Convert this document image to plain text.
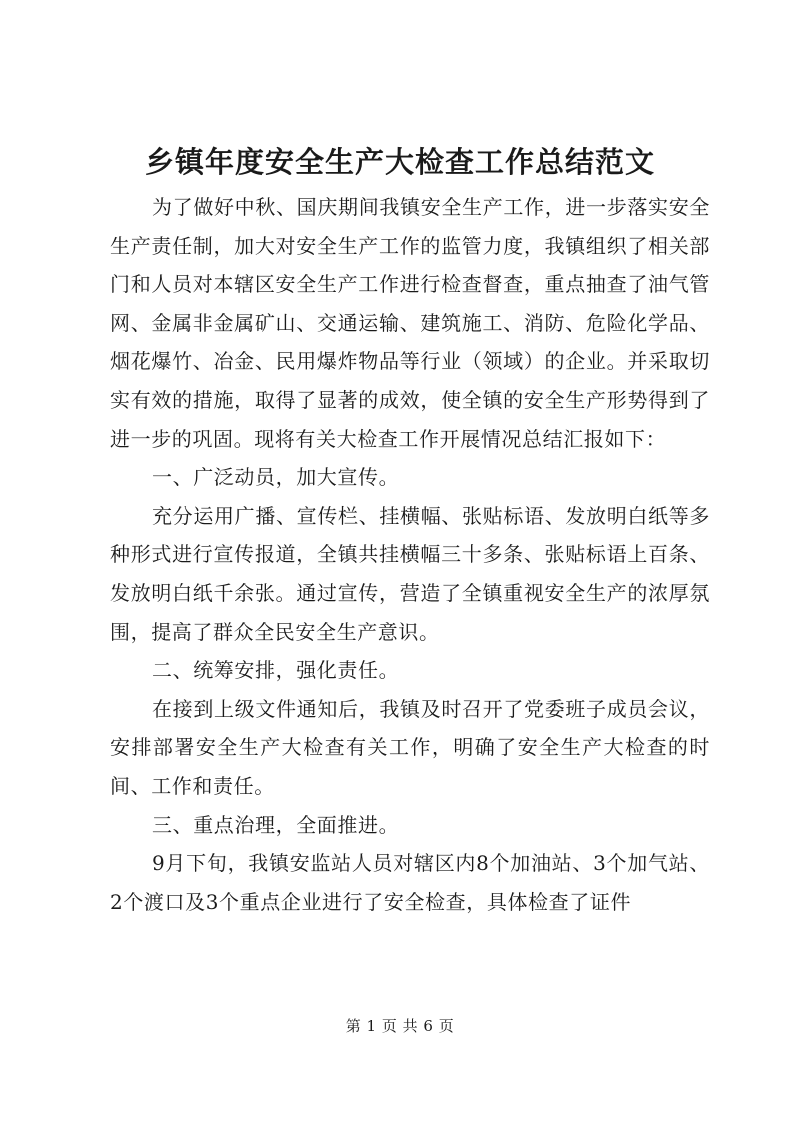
乡镇年度安全生产大检查工作总结范文

为了做好中秋、国庆期间我镇安全生产工作，进一步落实安全生产责任制，加大对安全生产工作的监管力度，我镇组织了相关部门和人员对本辖区安全生产工作进行检查督查，重点抽查了油气管网、金属非金属矿山、交通运输、建筑施工、消防、危险化学品、烟花爆竹、冶金、民用爆炸物品等行业（领域）的企业。并采取切实有效的措施，取得了显著的成效，使全镇的安全生产形势得到了进一步的巩固。现将有关大检查工作开展情况总结汇报如下：

一、广泛动员，加大宣传。

充分运用广播、宣传栏、挂横幅、张贴标语、发放明白纸等多种形式进行宣传报道，全镇共挂横幅三十多条、张贴标语上百条、发放明白纸千余张。通过宣传，营造了全镇重视安全生产的浓厚氛围，提高了群众全民安全生产意识。

二、统筹安排，强化责任。

在接到上级文件通知后，我镇及时召开了党委班子成员会议，安排部署安全生产大检查有关工作，明确了安全生产大检查的时间、工作和责任。

三、重点治理，全面推进。

9月下旬，我镇安监站人员对辖区内8个加油站、3个加气站、2个渡口及3个重点企业进行了安全检查，具体检查了证件

第 1 页 共 6 页
